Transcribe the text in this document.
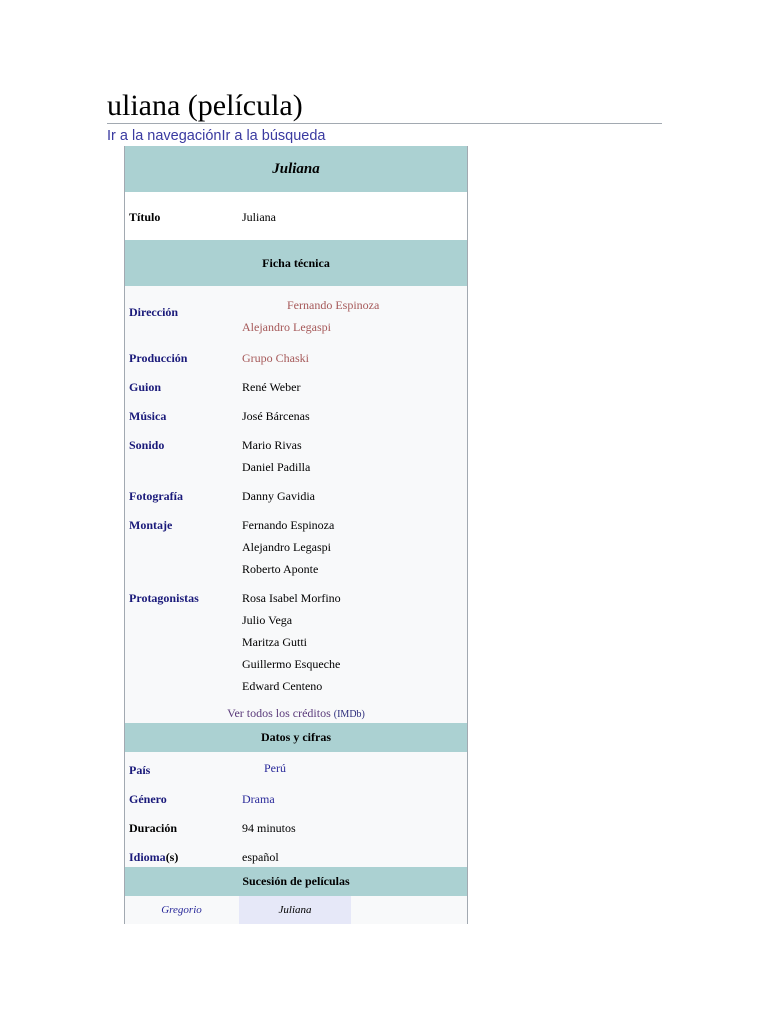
uliana (película)
Ir a la navegaciónIr a la búsqueda
Juliana
Título	Juliana
Ficha técnica
Dirección	Fernando Espinoza
Alejandro Legaspi
Producción	Grupo Chaski
Guion	René Weber
Música	José Bárcenas
Sonido	Mario Rivas
Daniel Padilla
Fotografía	Danny Gavidia
Montaje	Fernando Espinoza
Alejandro Legaspi
Roberto Aponte
Protagonistas	Rosa Isabel Morfino
Julio Vega
Maritza Gutti
Guillermo Esqueche
Edward Centeno
Ver todos los créditos (IMDb)
Datos y cifras
País	Perú
Género	Drama
Duración	94 minutos
Idioma(s)	español
Sucesión de películas
Gregorio	Juliana
